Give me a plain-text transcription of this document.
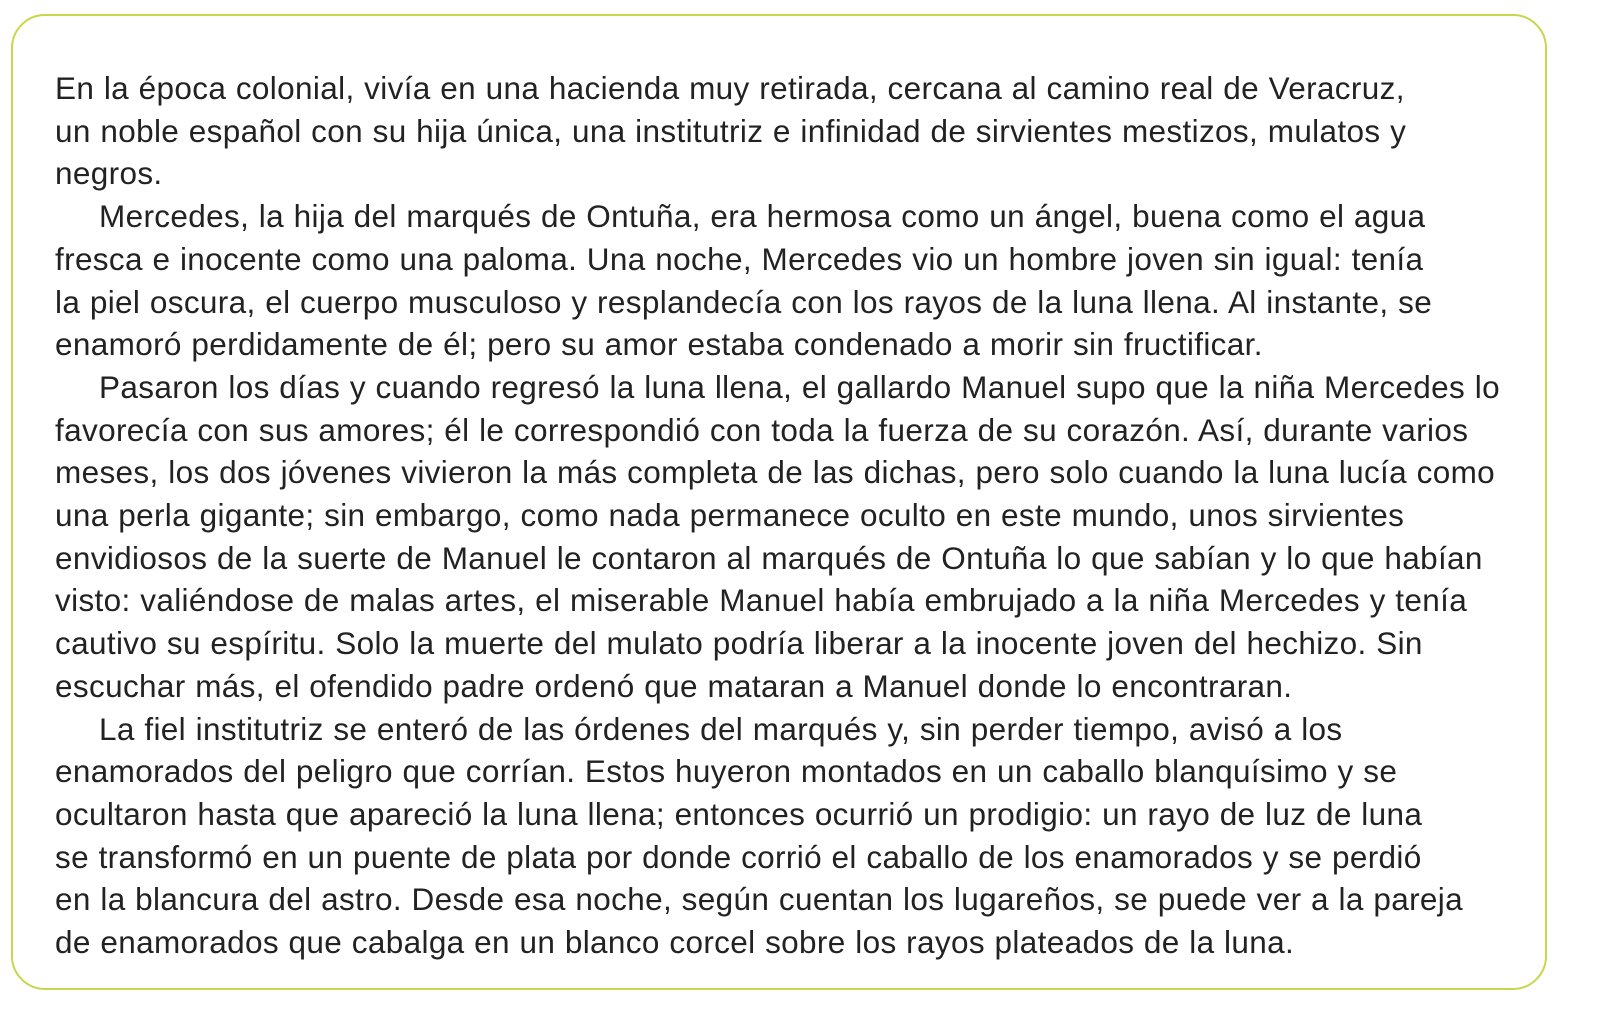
En la época colonial, vivía en una hacienda muy retirada, cercana al camino real de Veracruz,
un noble español con su hija única, una institutriz e infinidad de sirvientes mestizos, mulatos y
negros.
Mercedes, la hija del marqués de Ontuña, era hermosa como un ángel, buena como el agua
fresca e inocente como una paloma. Una noche, Mercedes vio un hombre joven sin igual: tenía
la piel oscura, el cuerpo musculoso y resplandecía con los rayos de la luna llena. Al instante, se
enamoró perdidamente de él; pero su amor estaba condenado a morir sin fructificar.
Pasaron los días y cuando regresó la luna llena, el gallardo Manuel supo que la niña Mercedes lo
favorecía con sus amores; él le correspondió con toda la fuerza de su corazón. Así, durante varios
meses, los dos jóvenes vivieron la más completa de las dichas, pero solo cuando la luna lucía como
una perla gigante; sin embargo, como nada permanece oculto en este mundo, unos sirvientes
envidiosos de la suerte de Manuel le contaron al marqués de Ontuña lo que sabían y lo que habían
visto: valiéndose de malas artes, el miserable Manuel había embrujado a la niña Mercedes y tenía
cautivo su espíritu. Solo la muerte del mulato podría liberar a la inocente joven del hechizo. Sin
escuchar más, el ofendido padre ordenó que mataran a Manuel donde lo encontraran.
La fiel institutriz se enteró de las órdenes del marqués y, sin perder tiempo, avisó a los
enamorados del peligro que corrían. Estos huyeron montados en un caballo blanquísimo y se
ocultaron hasta que apareció la luna llena; entonces ocurrió un prodigio: un rayo de luz de luna
se transformó en un puente de plata por donde corrió el caballo de los enamorados y se perdió
en la blancura del astro. Desde esa noche, según cuentan los lugareños, se puede ver a la pareja
de enamorados que cabalga en un blanco corcel sobre los rayos plateados de la luna.
